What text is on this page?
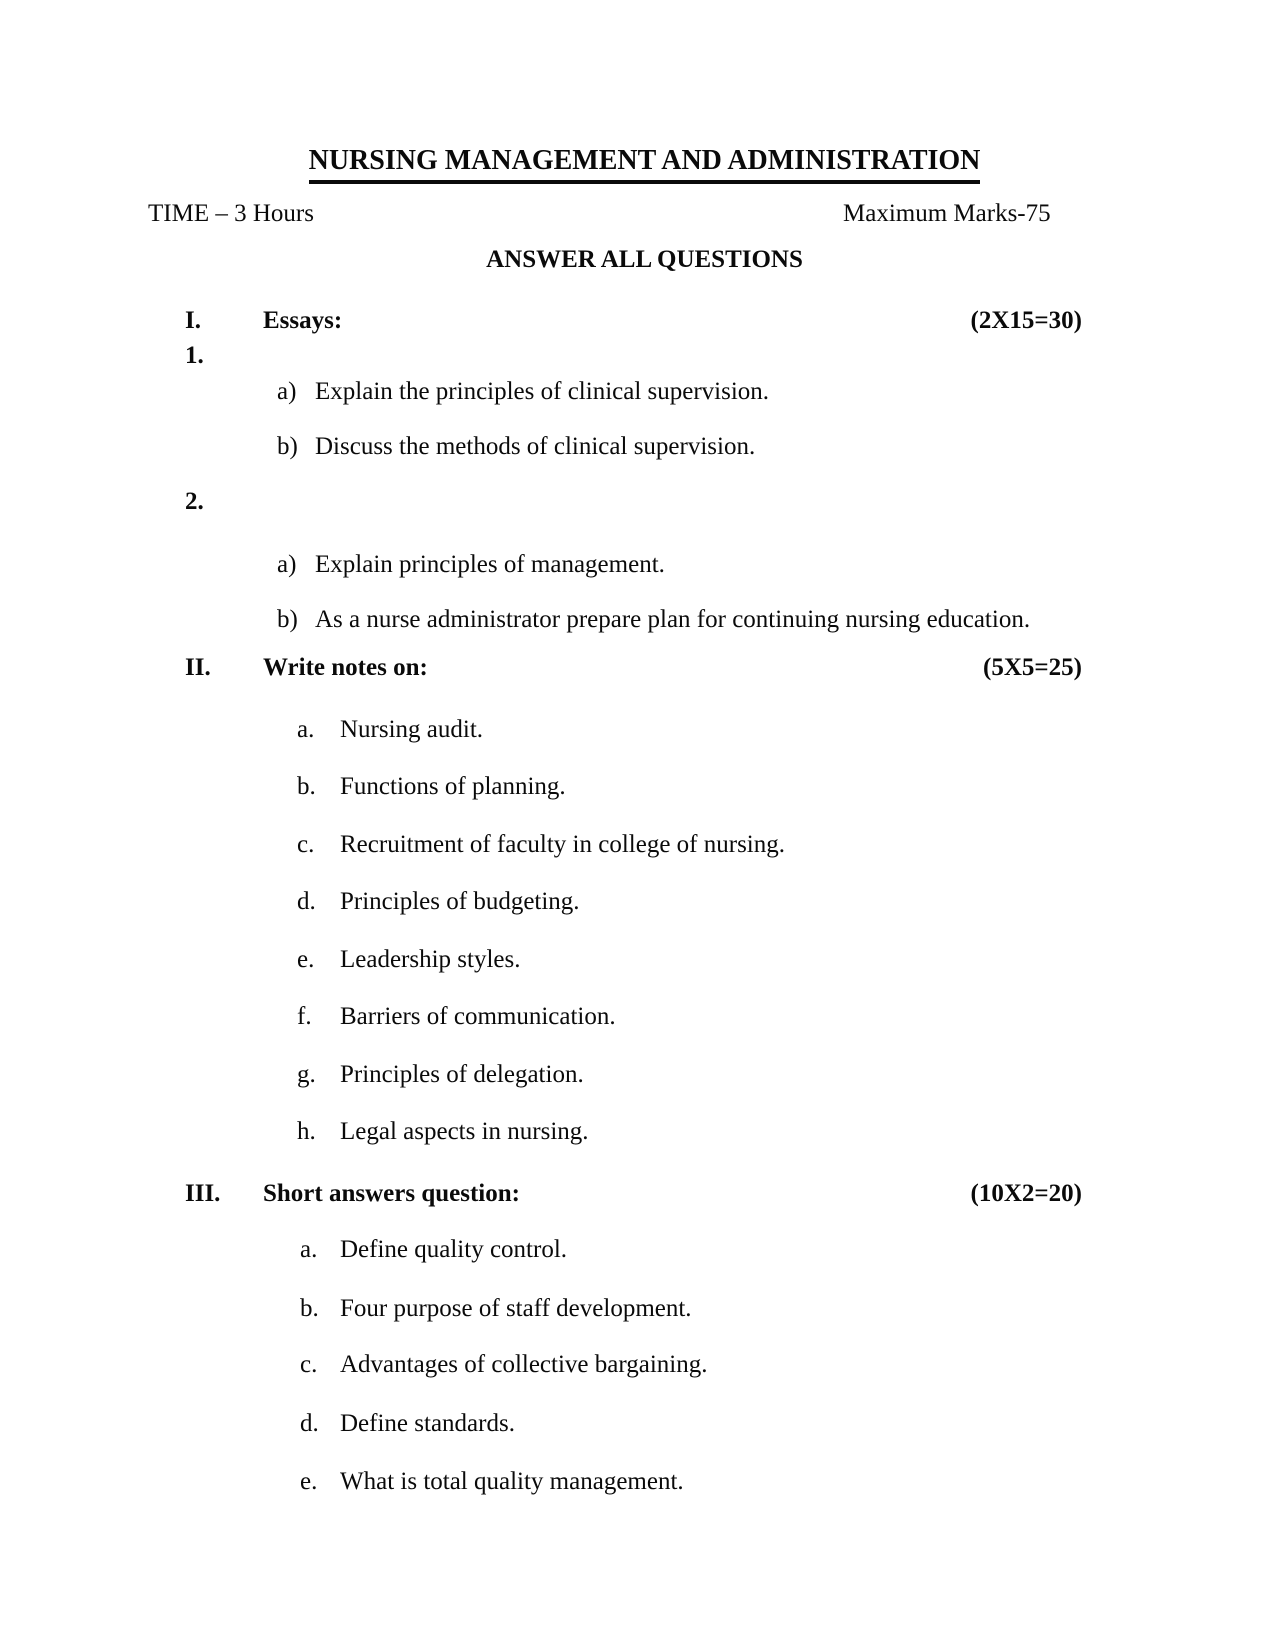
NURSING MANAGEMENT AND ADMINISTRATION
TIME – 3 Hours	Maximum Marks-75
ANSWER ALL QUESTIONS
I. Essays:	(2X15=30)
1.
a) Explain the principles of clinical supervision.
b) Discuss the methods of clinical supervision.
2.
a) Explain principles of management.
b) As a nurse administrator prepare plan for continuing nursing education.
II. Write notes on:	(5X5=25)
a. Nursing audit.
b. Functions of planning.
c. Recruitment of faculty in college of nursing.
d. Principles of budgeting.
e. Leadership styles.
f. Barriers of communication.
g. Principles of delegation.
h. Legal aspects in nursing.
III. Short answers question:	(10X2=20)
a. Define quality control.
b. Four purpose of staff development.
c. Advantages of collective bargaining.
d. Define standards.
e. What is total quality management.
